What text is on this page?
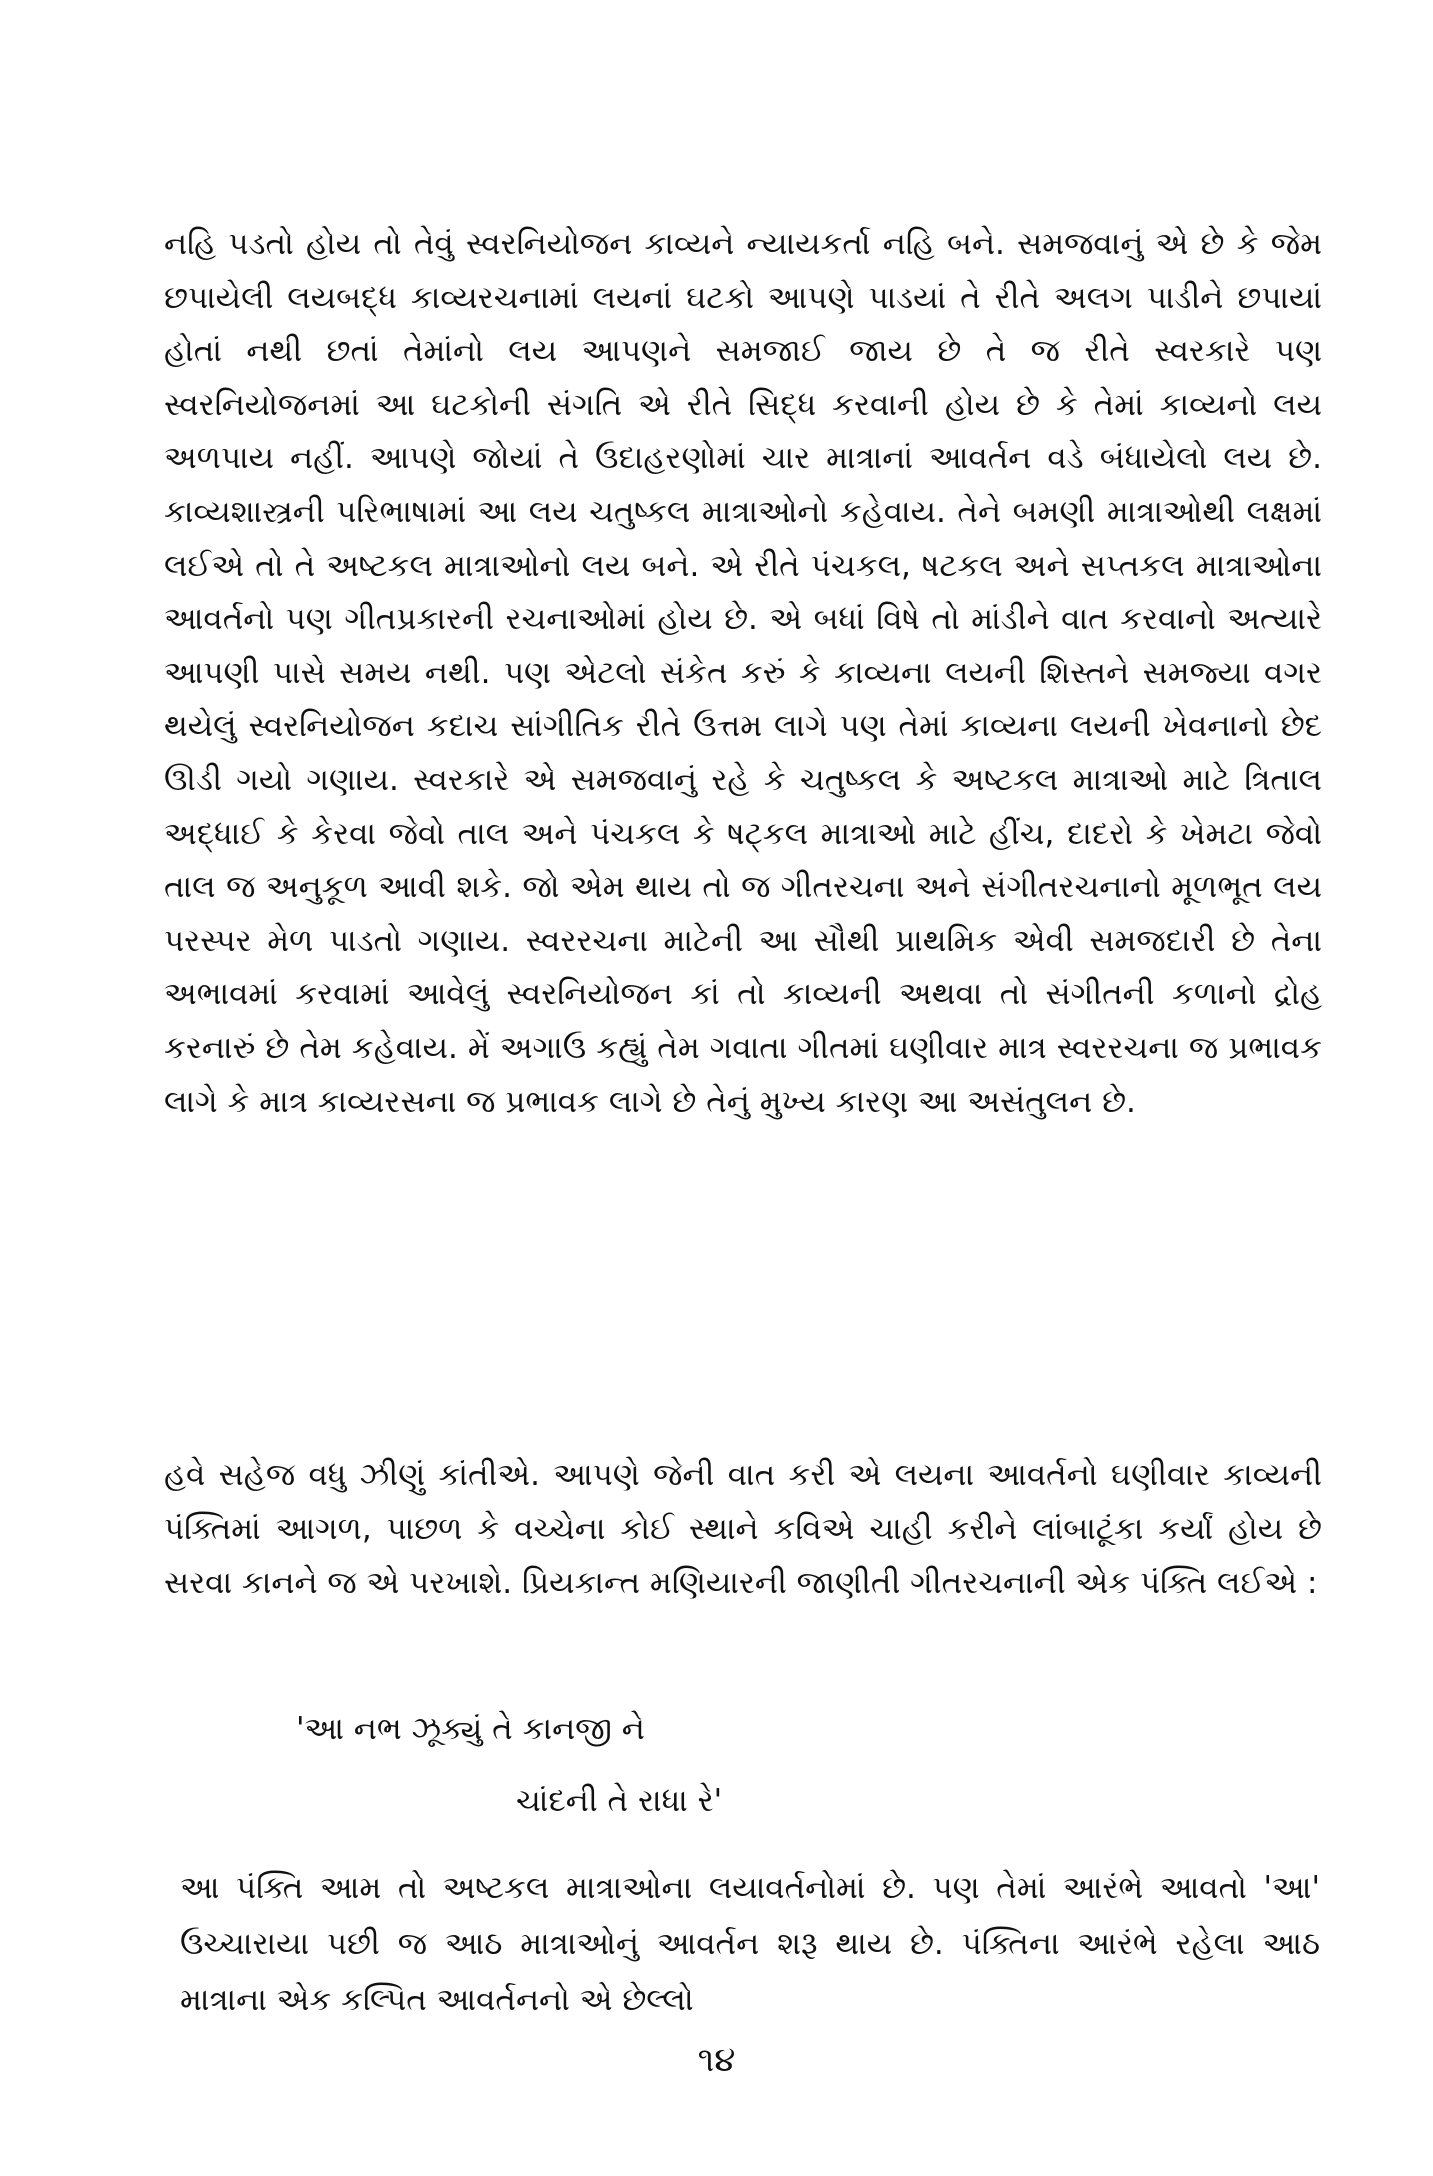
નહિ પડતો હોય તો તેવું સ્વરનિયોજન કાવ્યને ન્યાયકર્તા નહિ બને. સમજવાનું એ છે કે જેમ છપાયેલી લયબદ્ધ કાવ્યરચનામાં લયનાં ઘટકો આપણે પાડયાં તે રીતે અલગ પાડીને છપાયાં હોતાં નથી છતાં તેમાંનો લય આપણને સમજાઈ જાય છે તે જ રીતે સ્વરકારે પણ સ્વરનિયોજનમાં આ ઘટકોની સંગતિ એ રીતે સિદ્ધ કરવાની હોય છે કે તેમાં કાવ્યનો લય અળપાય નહીં. આપણે જોયાં તે ઉદાહરણોમાં ચાર માત્રાનાં આવર્તન વડે બંધાયેલો લય છે. કાવ્યશાસ્ત્રની પરિભાષામાં આ લય ચતુષ્કલ માત્રાઓનો કહેવાય. તેને બમણી માત્રાઓથી લક્ષમાં લઈએ તો તે અષ્ટકલ માત્રાઓનો લય બને. એ રીતે પંચકલ, ષટકલ અને સપ્તકલ માત્રાઓના આવર્તનો પણ ગીતપ્રકારની રચનાઓમાં હોય છે. એ બધાં વિષે તો માંડીને વાત કરવાનો અત્યારે આપણી પાસે સમય નથી. પણ એટલો સંકેત કરું કે કાવ્યના લયની શિસ્તને સમજ્યા વગર થયેલું સ્વરનિયોજન કદાચ સાંગીતિક રીતે ઉત્તમ લાગે પણ તેમાં કાવ્યના લયની ખેવનાનો છેદ ઊડી ગયો ગણાય. સ્વરકારે એ સમજવાનું રહે કે ચતુષ્કલ કે અષ્ટકલ માત્રાઓ માટે ત્રિતાલ અદ્ધાઈ કે કેરવા જેવો તાલ અને પંચકલ કે ષટ્કલ માત્રાઓ માટે હીંચ, દાદરો કે ખેમટા જેવો તાલ જ અનુકૂળ આવી શકે. જો એમ થાય તો જ ગીતરચના અને સંગીતરચનાનો મૂળભૂત લય પરસ્પર મેળ પાડતો ગણાય. સ્વરરચના માટેની આ સૌથી પ્રાથમિક એવી સમજદારી છે તેના અભાવમાં કરવામાં આવેલું સ્વરનિયોજન કાં તો કાવ્યની અથવા તો સંગીતની કળાનો દ્રોહ કરનારું છે તેમ કહેવાય. મેં અગાઉ કહ્યું તેમ ગવાતા ગીતમાં ઘણીવાર માત્ર સ્વરરચના જ પ્રભાવક લાગે કે માત્ર કાવ્યરસના જ પ્રભાવક લાગે છે તેનું મુખ્ય કારણ આ અસંતુલન છે.

હવે સહેજ વધુ ઝીણું કાંતીએ. આપણે જેની વાત કરી એ લયના આવર્તનો ઘણીવાર કાવ્યની પંક્તિમાં આગળ, પાછળ કે વચ્ચેના કોઈ સ્થાને કવિએ ચાહી કરીને લાંબાટૂંકા કર્યાં હોય છે સરવા કાનને જ એ પરખાશે. પ્રિયકાન્ત મણિયારની જાણીતી ગીતરચનાની એક પંક્તિ લઈએ :

'આ નભ ઝૂક્યું તે કાનજી ને

ચાંદની તે રાધા રે'

આ પંક્તિ આમ તો અષ્ટકલ માત્રાઓના લયાવર્તનોમાં છે. પણ તેમાં આરંભે આવતો 'આ' ઉચ્ચારાયા પછી જ આઠ માત્રાઓનું આવર્તન શરૂ થાય છે. પંક્તિના આરંભે રહેલા આઠ માત્રાના એક કલ્પિત આવર્તનનો એ છેલ્લો

૧૪
